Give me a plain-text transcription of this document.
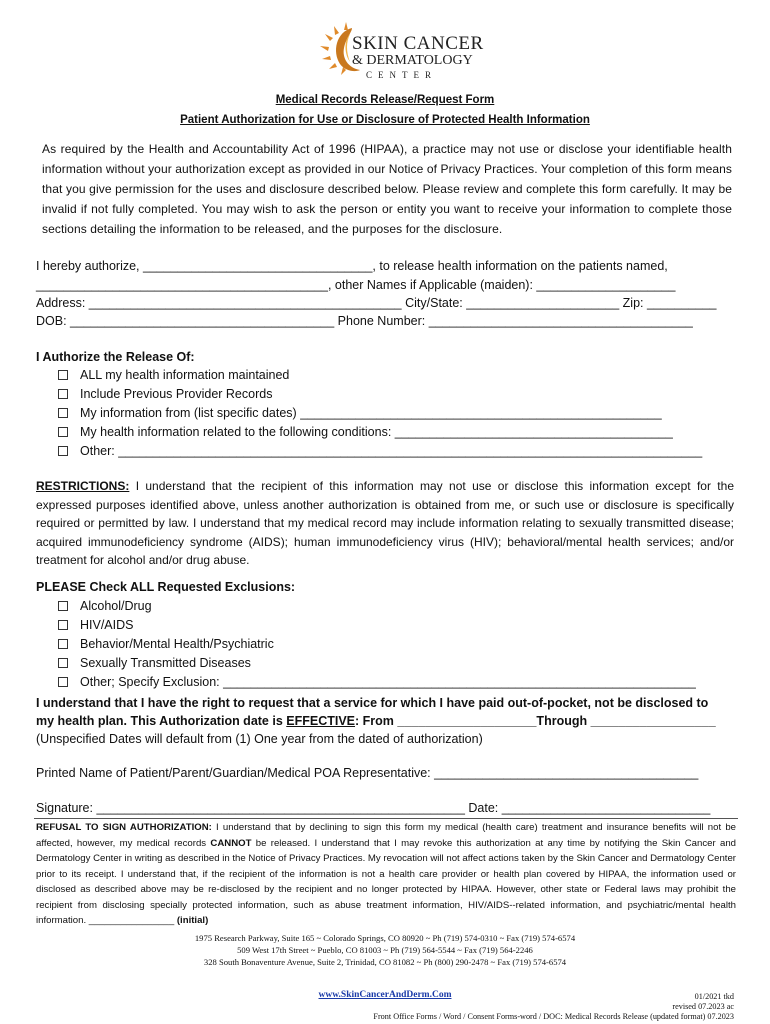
SKIN CANCER
& DERMATOLOGY
CENTER
Medical Records Release/Request Form
Patient Authorization for Use or Disclosure of Protected Health Information
As required by the Health and Accountability Act of 1996 (HIPAA), a practice may not use or disclose your identifiable health information without your authorization except as provided in our Notice of Privacy Practices. Your completion of this form means that you give permission for the uses and disclosure described below. Please review and complete this form carefully. It may be invalid if not fully completed. You may wish to ask the person or entity you want to receive your information to complete those sections detailing the information to be released, and the purposes for the disclosure.
I hereby authorize, _________________________________, to release health information on the patients named,
__________________________________________, other Names if Applicable (maiden): ____________________
Address: _____________________________________________ City/State: ______________________ Zip: __________
DOB: ______________________________________ Phone Number: ______________________________________
I Authorize the Release Of:
ALL my health information maintained
Include Previous Provider Records
My information from (list specific dates) ____________________________________________________
My health information related to the following conditions: ________________________________________
Other: ____________________________________________________________________________________
RESTRICTIONS: I understand that the recipient of this information may not use or disclose this information except for the expressed purposes identified above, unless another authorization is obtained from me, or such use or disclosure is specifically required or permitted by law. I understand that my medical record may include information relating to sexually transmitted disease; acquired immunodeficiency syndrome (AIDS); human immunodeficiency virus (HIV); behavioral/mental health services; and/or treatment for alcohol and/or drug abuse.
PLEASE Check ALL Requested Exclusions:
Alcohol/Drug
HIV/AIDS
Behavior/Mental Health/Psychiatric
Sexually Transmitted Diseases
Other; Specify Exclusion: ____________________________________________________________________
I understand that I have the right to request that a service for which I have paid out-of-pocket, not be disclosed to
my health plan. This Authorization date is EFFECTIVE: From ____________________Through __________________
(Unspecified Dates will default from (1) One year from the dated of authorization)
Printed Name of Patient/Parent/Guardian/Medical POA Representative: ______________________________________
Signature: _____________________________________________________ Date: ______________________________
REFUSAL TO SIGN AUTHORIZATION: I understand that by declining to sign this form my medical (health care) treatment and insurance benefits will not be affected, however, my medical records CANNOT be released. I understand that I may revoke this authorization at any time by notifying the Skin Cancer and Dermatology Center in writing as described in the Notice of Privacy Practices. My revocation will not affect actions taken by the Skin Cancer and Dermatology Center prior to its receipt. I understand that, if the recipient of the information is not a health care provider or health plan covered by HIPAA, the information used or disclosed as described above may be re-disclosed by the recipient and no longer protected by HIPAA. However, other state or Federal laws may prohibit the recipient from disclosing specially protected information, such as abuse treatment information, HIV/AIDS--related information, and psychiatric/mental health information. ________________ (initial)
1975 Research Parkway, Suite 165 ~ Colorado Springs, CO 80920 ~ Ph (719) 574-0310 ~ Fax (719) 574-6574
509 West 17th Street ~ Pueblo, CO 81003 ~ Ph (719) 564-5544 ~ Fax (719) 564-2246
328 South Bonaventure Avenue, Suite 2, Trinidad, CO 81082 ~ Ph (800) 290-2478 ~ Fax (719) 574-6574
www.SkinCancerAndDerm.Com	01/2021 tkd
revised 07.2023 ac
Front Office Forms / Word / Consent Forms-word / DOC: Medical Records Release (updated format) 07.2023
